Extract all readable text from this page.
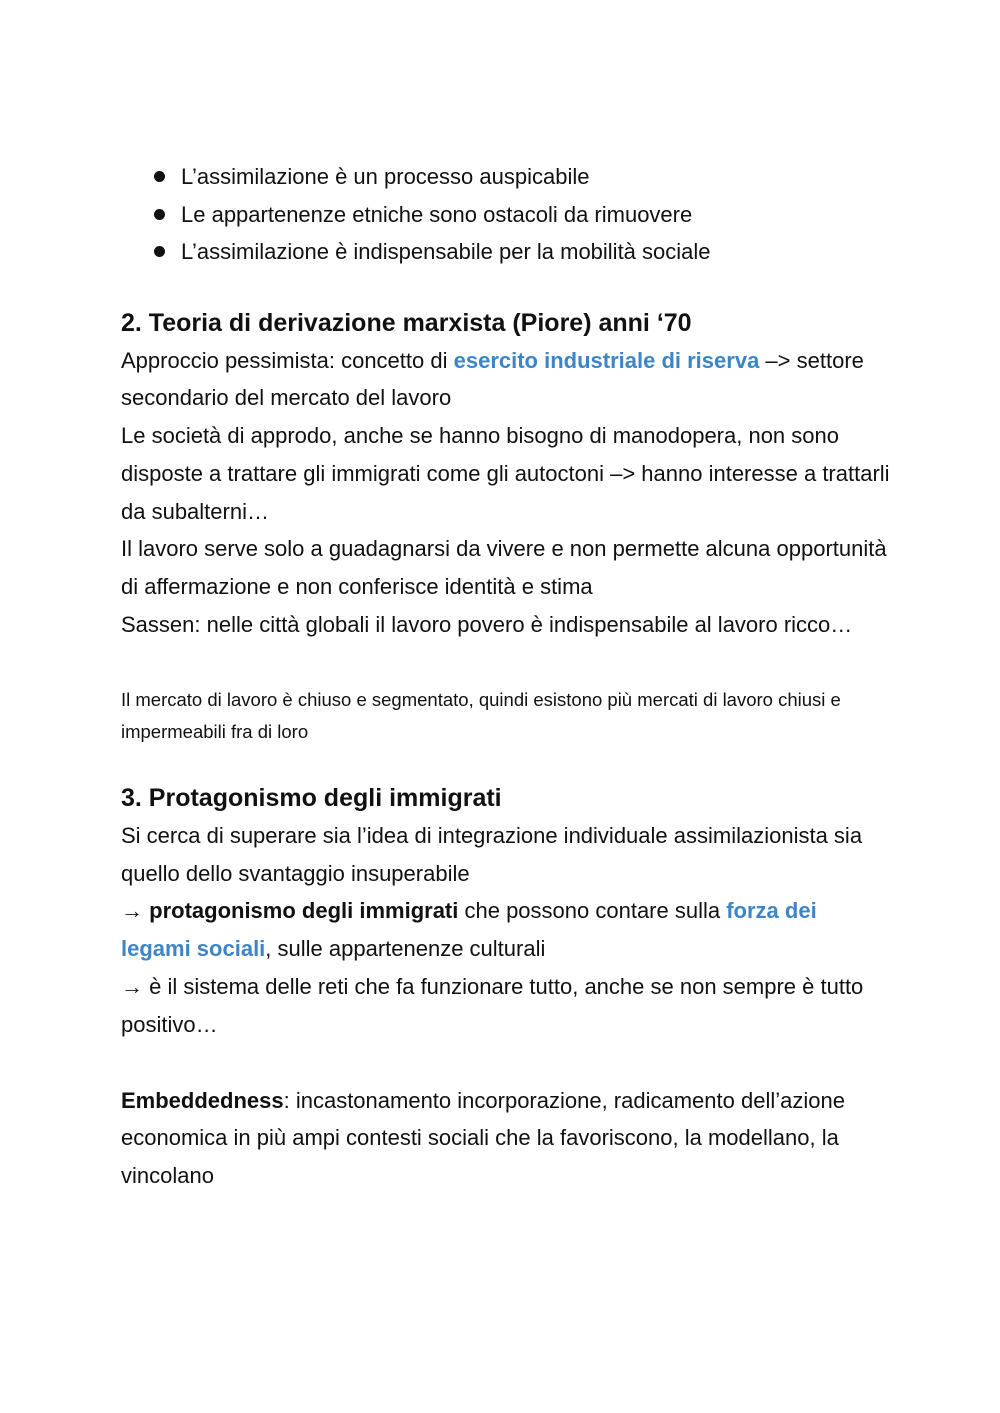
L’assimilazione è un processo auspicabile
Le appartenenze etniche sono ostacoli da rimuovere
L’assimilazione è indispensabile per la mobilità sociale
2. Teoria di derivazione marxista (Piore) anni ‘70

Approccio pessimista: concetto di esercito industriale di riserva –> settore secondario del mercato del lavoro

Le società di approdo, anche se hanno bisogno di manodopera, non sono disposte a trattare gli immigrati come gli autoctoni –> hanno interesse a trattarli da subalterni…

Il lavoro serve solo a guadagnarsi da vivere e non permette alcuna opportunità di affermazione e non conferisce identità e stima

Sassen: nelle città globali il lavoro povero è indispensabile al lavoro ricco…

Il mercato di lavoro è chiuso e segmentato, quindi esistono più mercati di lavoro chiusi e impermeabili fra di loro

3. Protagonismo degli immigrati

Si cerca di superare sia l’idea di integrazione individuale assimilazionista sia quello dello svantaggio insuperabile

→ protagonismo degli immigrati che possono contare sulla forza dei legami sociali, sulle appartenenze culturali

→ è il sistema delle reti che fa funzionare tutto, anche se non sempre è tutto positivo…

Embeddedness: incastonamento incorporazione, radicamento dell’azione economica in più ampi contesti sociali che la favoriscono, la modellano, la vincolano
